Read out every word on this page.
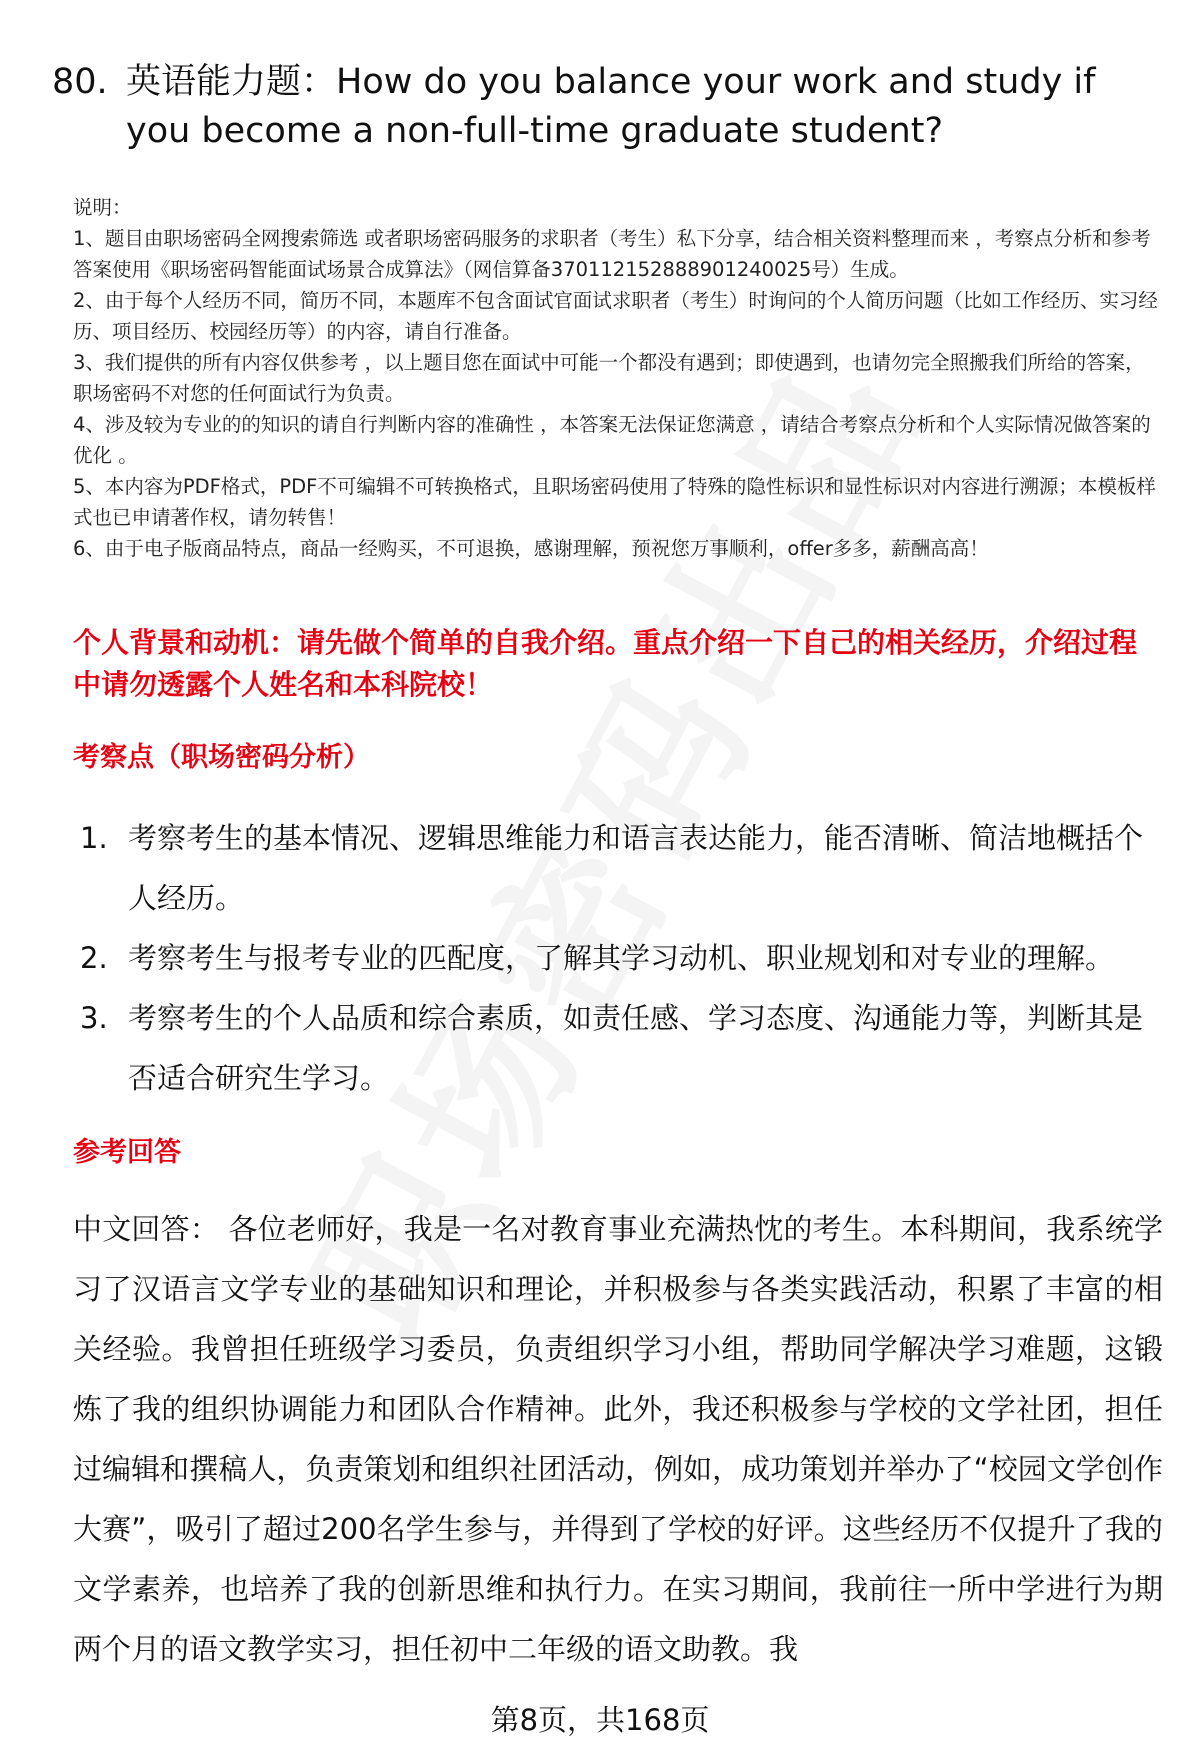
80. 英语能力题：How do you balance your work and study if you become a non-full-time graduate student?

说明：

1、题目由职场密码全网搜索筛选 或者职场密码服务的求职者（考生）私下分享，结合相关资料整理而来 ，考察点分析和参考答案使用《职场密码智能面试场景合成算法》（网信算备370112152888901240025号）生成。

2、由于每个人经历不同，简历不同，本题库不包含面试官面试求职者（考生）时询问的个人简历问题（比如工作经历、实习经历、项目经历、校园经历等）的内容，请自行准备。

3、我们提供的所有内容仅供参考 ，以上题目您在面试中可能一个都没有遇到；即使遇到，也请勿完全照搬我们所给的答案，职场密码不对您的任何面试行为负责。

4、涉及较为专业的的知识的请自行判断内容的准确性 ，本答案无法保证您满意 ，请结合考察点分析和个人实际情况做答案的优化 。

5、本内容为PDF格式，PDF不可编辑不可转换格式，且职场密码使用了特殊的隐性标识和显性标识对内容进行溯源；本模板样式也已申请著作权，请勿转售！

6、由于电子版商品特点，商品一经购买，不可退换，感谢理解，预祝您万事顺利，offer多多，薪酬高高！

个人背景和动机：请先做个简单的自我介绍。重点介绍一下自己的相关经历，介绍过程中请勿透露个人姓名和本科院校！
考察点（职场密码分析）
1. 考察考生的基本情况、逻辑思维能力和语言表达能力，能否清晰、简洁地概括个人经历。
2. 考察考生与报考专业的匹配度，了解其学习动机、职业规划和对专业的理解。
3. 考察考生的个人品质和综合素质，如责任感、学习态度、沟通能力等，判断其是否适合研究生学习。
参考回答
中文回答： 各位老师好，我是一名对教育事业充满热忱的考生。本科期间，我系统学习了汉语言文学专业的基础知识和理论，并积极参与各类实践活动，积累了丰富的相关经验。我曾担任班级学习委员，负责组织学习小组，帮助同学解决学习难题，这锻炼了我的组织协调能力和团队合作精神。此外，我还积极参与学校的文学社团，担任过编辑和撰稿人，负责策划和组织社团活动，例如，成功策划并举办了“校园文学创作大赛”，吸引了超过200名学生参与，并得到了学校的好评。这些经历不仅提升了我的文学素养，也培养了我的创新思维和执行力。在实习期间，我前往一所中学进行为期两个月的语文教学实习，担任初中二年级的语文助教。我
第8页，共168页
